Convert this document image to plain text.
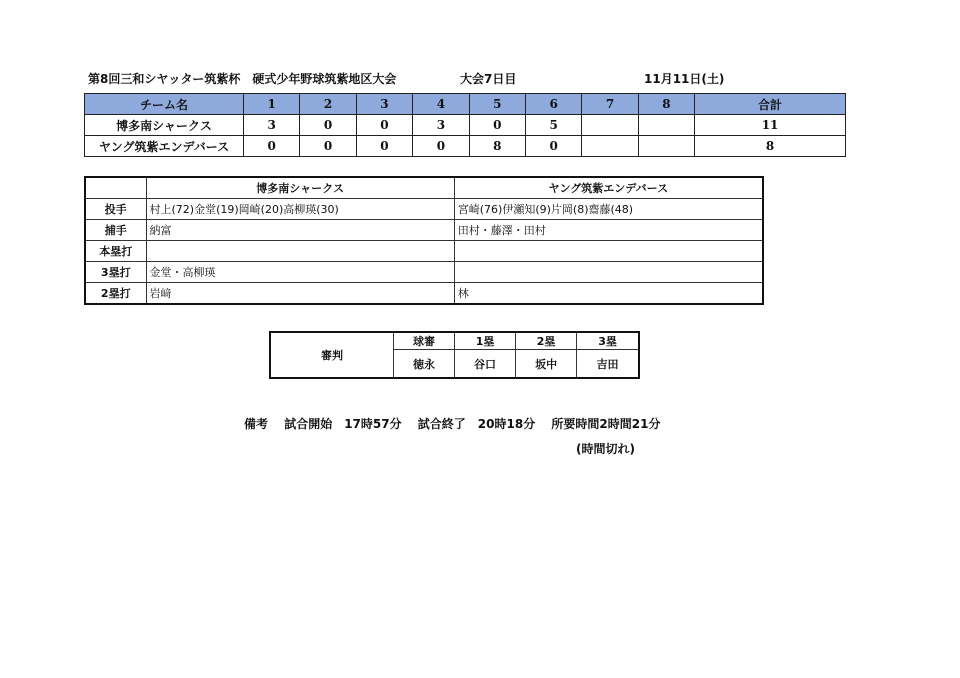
第8回三和シヤッター筑紫杯　硬式少年野球筑紫地区大会	大会7日目	11月11日(土)
チーム名	1	2	3	4	5	6	7	8	合計
博多南シャークス	3	0	0	3	0	5			11
ヤング筑紫エンデバース	0	0	0	0	8	0			8
	博多南シャークス	ヤング筑紫エンデバース
投手	村上(72)金堂(19)岡崎(20)高柳瑛(30)	宮崎(76)伊瀬知(9)片岡(8)齋藤(48)
捕手	納富	田村・藤澤・田村
本塁打		
3塁打	金堂・高柳瑛	
2塁打	岩﨑	林
審判	球審	1塁	2塁	3塁
	徳永	谷口	坂中	吉田
備考 試合開始　17時57分 試合終了　20時18分 所要時間2時間21分
(時間切れ)
